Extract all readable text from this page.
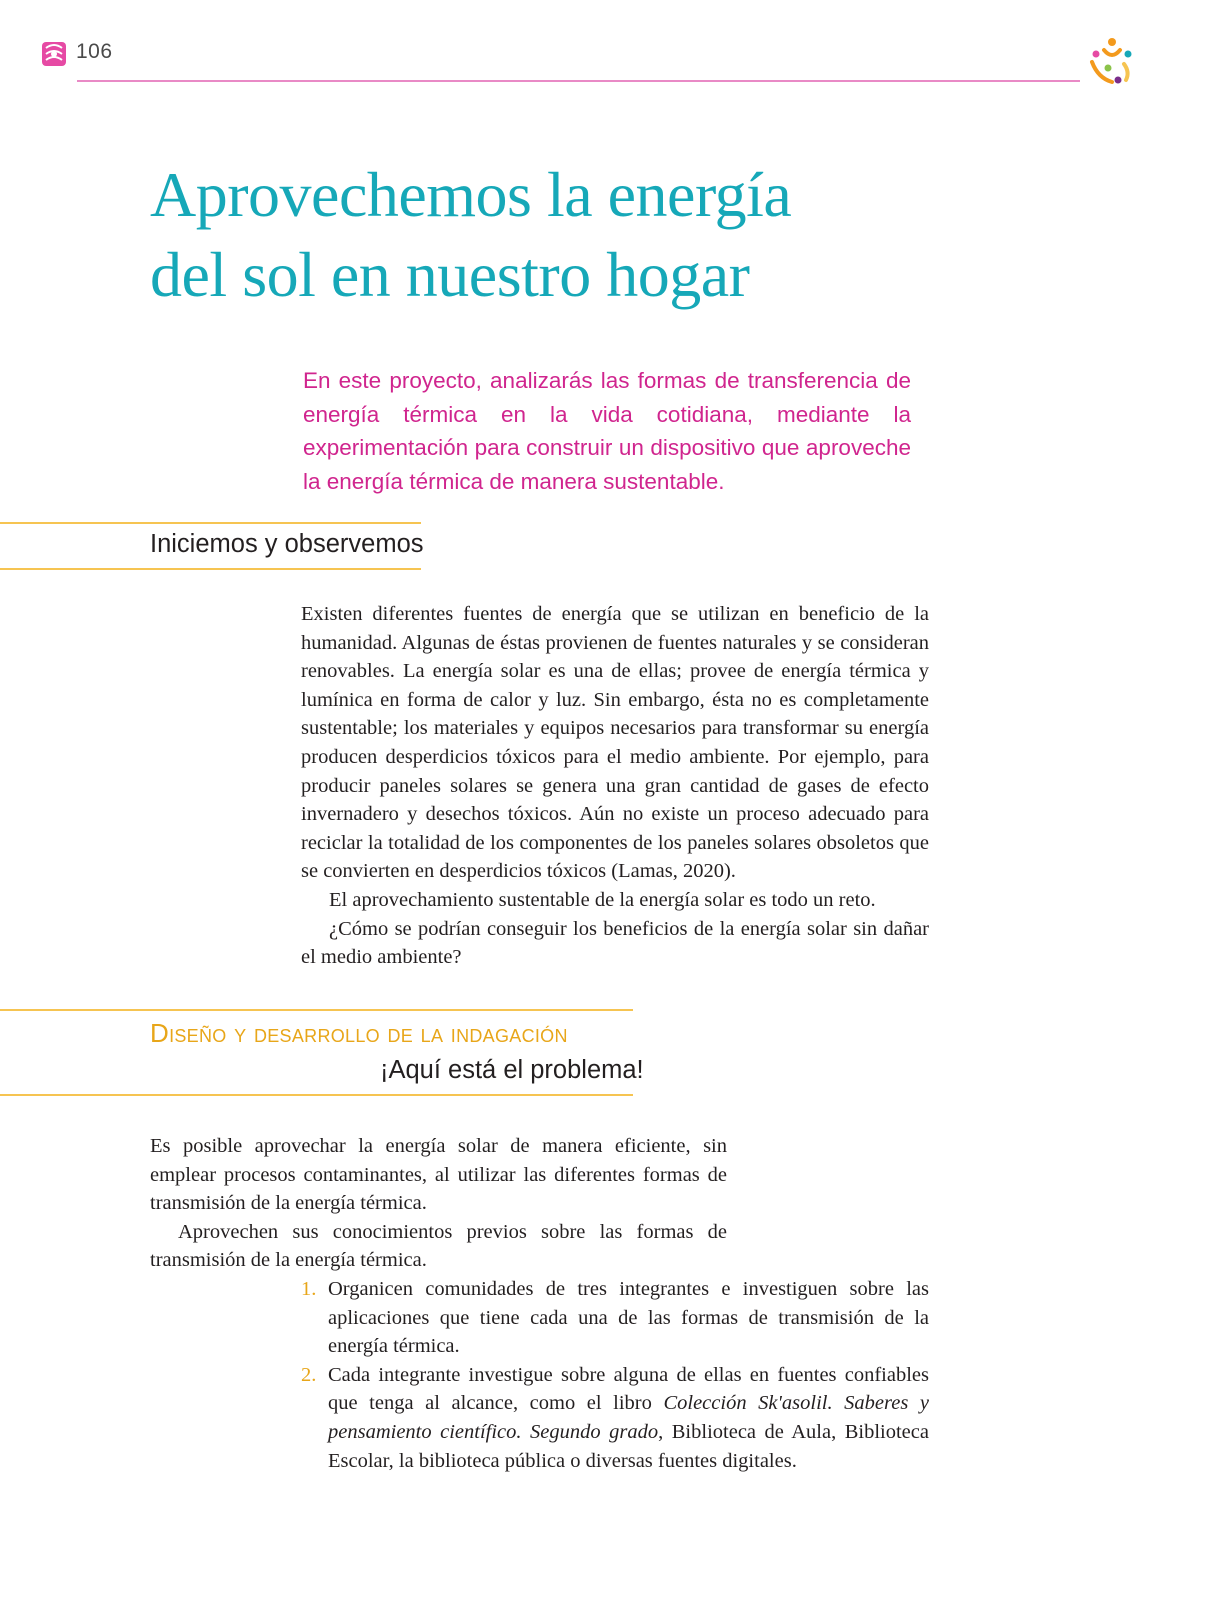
106
Aprovechemos la energía
del sol en nuestro hogar

En este proyecto, analizarás las formas de transferencia de energía térmica en la vida cotidiana, mediante la experimentación para construir un dispositivo que aproveche la energía térmica de manera sustentable.

Iniciemos y observemos

Existen diferentes fuentes de energía que se utilizan en beneficio de la humanidad. Algunas de éstas provienen de fuentes naturales y se consideran renovables. La energía solar es una de ellas; provee de energía térmica y lumínica en forma de calor y luz. Sin embargo, ésta no es completamente sustentable; los materiales y equipos necesarios para transformar su energía producen desperdicios tóxicos para el medio ambiente. Por ejemplo, para producir paneles solares se genera una gran cantidad de gases de efecto invernadero y desechos tóxicos. Aún no existe un proceso adecuado para reciclar la totalidad de los componentes de los paneles solares obsoletos que se convierten en desperdicios tóxicos (Lamas, 2020).

El aprovechamiento sustentable de la energía solar es todo un reto.

¿Cómo se podrían conseguir los beneficios de la energía solar sin dañar el medio ambiente?

Diseño y desarrollo de la indagación
¡Aquí está el problema!

Es posible aprovechar la energía solar de manera eficiente, sin emplear procesos contaminantes, al utilizar las diferentes formas de transmisión de la energía térmica.

Aprovechen sus conocimientos previos sobre las formas de transmisión de la energía térmica.

1. Organicen comunidades de tres integrantes e investiguen sobre las aplicaciones que tiene cada una de las formas de transmisión de la energía térmica.
2. Cada integrante investigue sobre alguna de ellas en fuentes confiables que tenga al alcance, como el libro Colección Sk'asolil. Saberes y pensamiento científico. Segundo grado, Biblioteca de Aula, Biblioteca Escolar, la biblioteca pública o diversas fuentes digitales.
